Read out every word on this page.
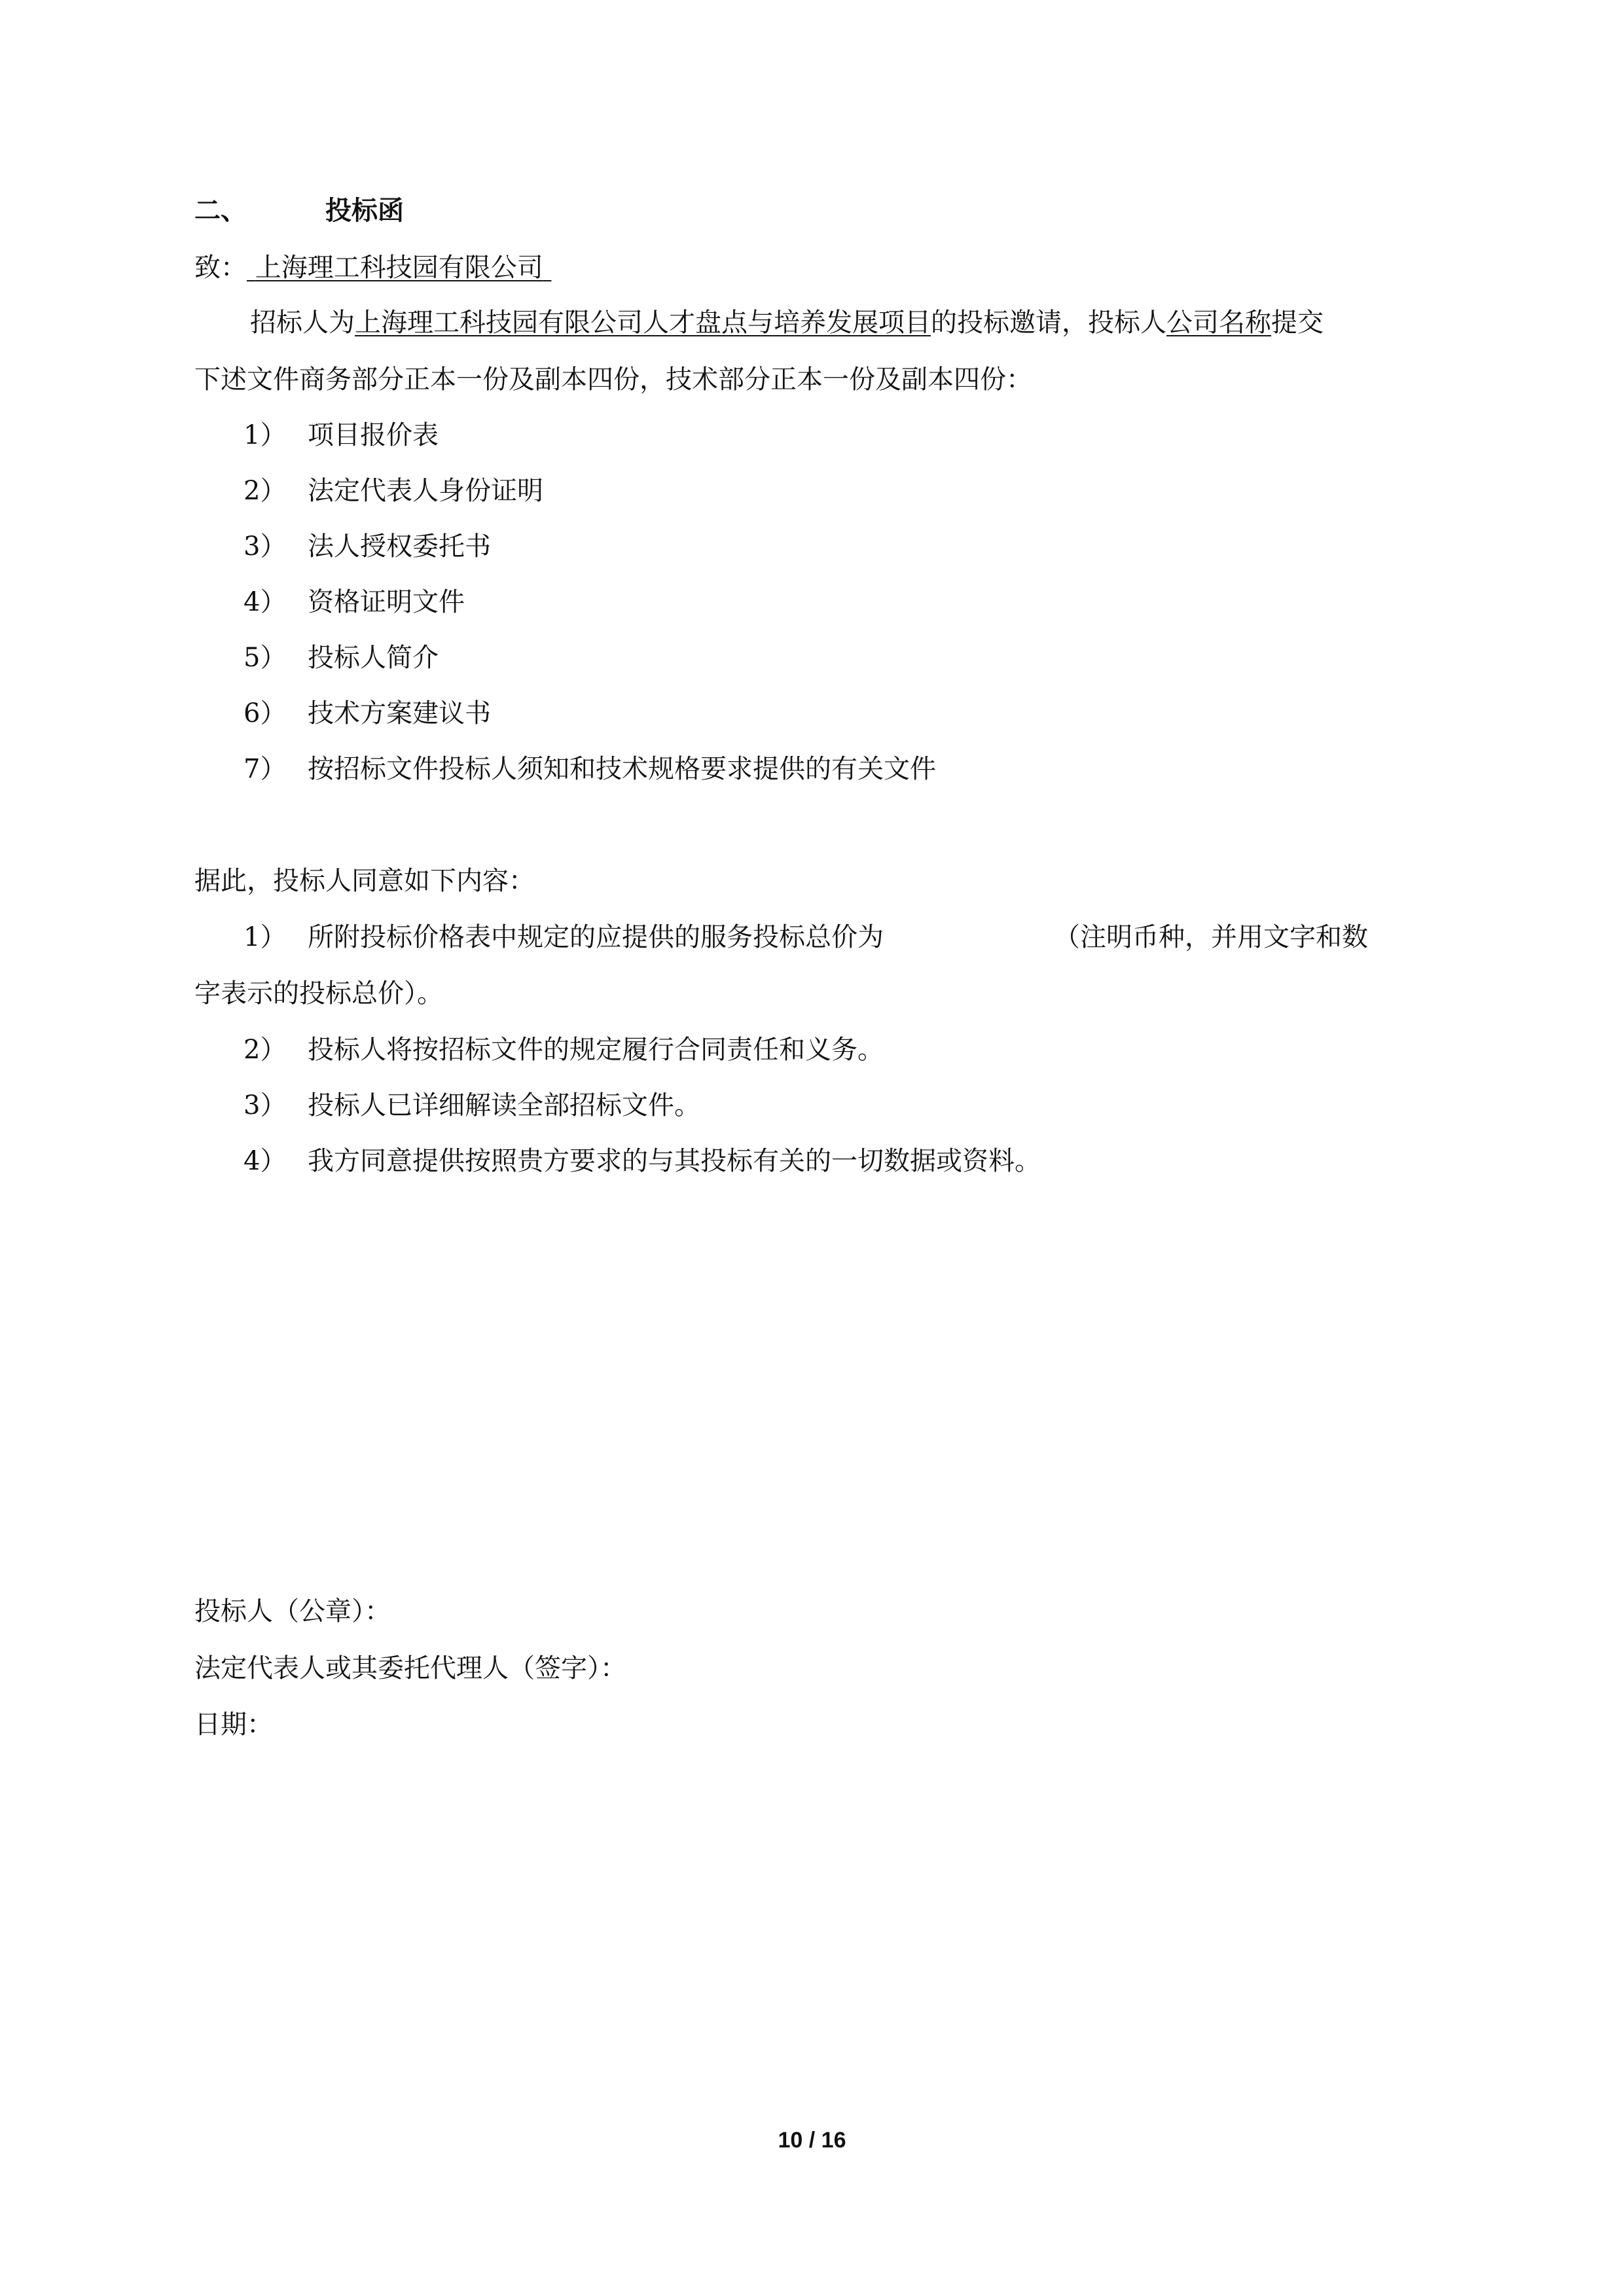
二、	投标函
致： 上海理工科技园有限公司
招标人为上海理工科技园有限公司人才盘点与培养发展项目的投标邀请，投标人公司名称提交
下述文件商务部分正本一份及副本四份，技术部分正本一份及副本四份：
1） 项目报价表
2） 法定代表人身份证明
3） 法人授权委托书
4） 资格证明文件
5） 投标人简介
6） 技术方案建议书
7） 按招标文件投标人须知和技术规格要求提供的有关文件
据此，投标人同意如下内容：
1） 所附投标价格表中规定的应提供的服务投标总价为	（注明币种，并用文字和数
字表示的投标总价）。
2） 投标人将按招标文件的规定履行合同责任和义务。
3） 投标人已详细解读全部招标文件。
4） 我方同意提供按照贵方要求的与其投标有关的一切数据或资料。
投标人（公章）：
法定代表人或其委托代理人（签字）：
日期：
10 / 16
